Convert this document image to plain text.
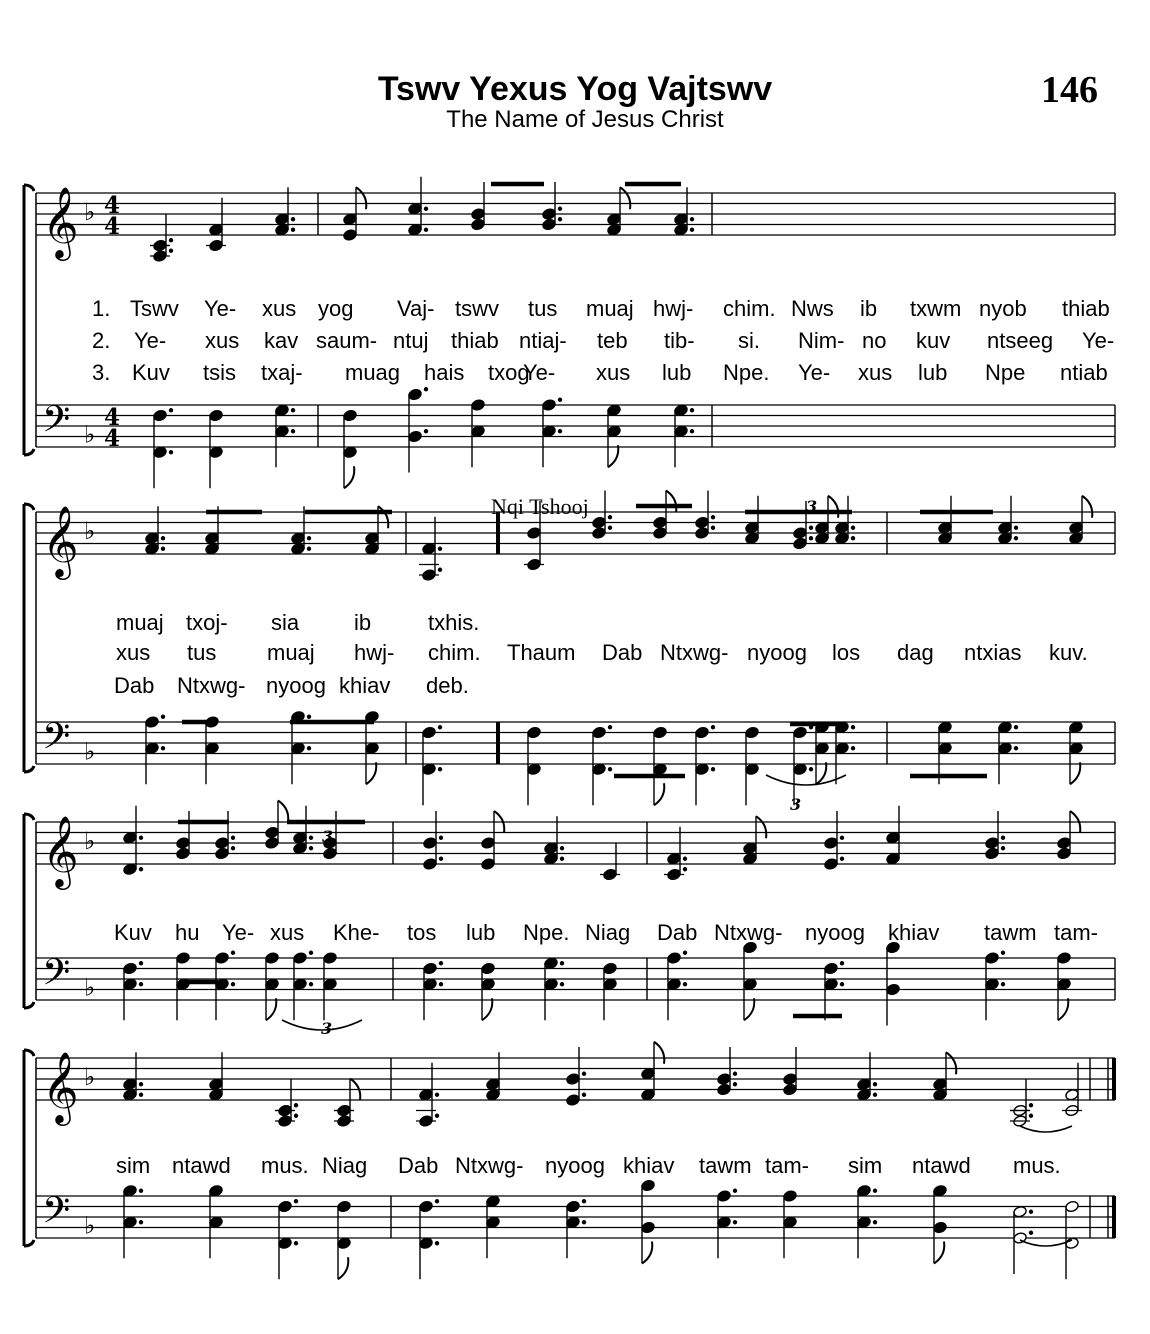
Tswv Yexus Yog Vajtswv
The Name of Jesus Christ
146
Nqi Tshooj
𝄞
𝄢
♭
♭
4
4
4
4
𝄞
𝄢
♭
♭
𝄞
𝄢
♭
♭
𝄞
𝄢
♭
♭
3
3
3
3
1. Tswv Ye- xus yog Vaj- tswv tus muaj hwj- chim. Nws ib txwm nyob thiab
2. Ye- xus kav saum- ntuj thiab ntiaj- teb tib- si. Nim- no kuv ntseeg Ye-
3. Kuv tsis txaj- muag hais txog
Ye- xus lub Npe. Ye- xus lub Npe ntiab
muaj txoj- sia ib	txhis.
xus tus muaj hwj- chim. Thaum Dab Ntxwg- nyoog los dag ntxias kuv.
Dab Ntxwg- nyoog khiav deb.
Kuv hu Ye- xus Khe- tos lub Npe. Niag Dab Ntxwg- nyoog khiav tawm tam-
sim ntawd mus. Niag Dab Ntxwg- nyoog khiav tawm tam- sim ntawd mus.
